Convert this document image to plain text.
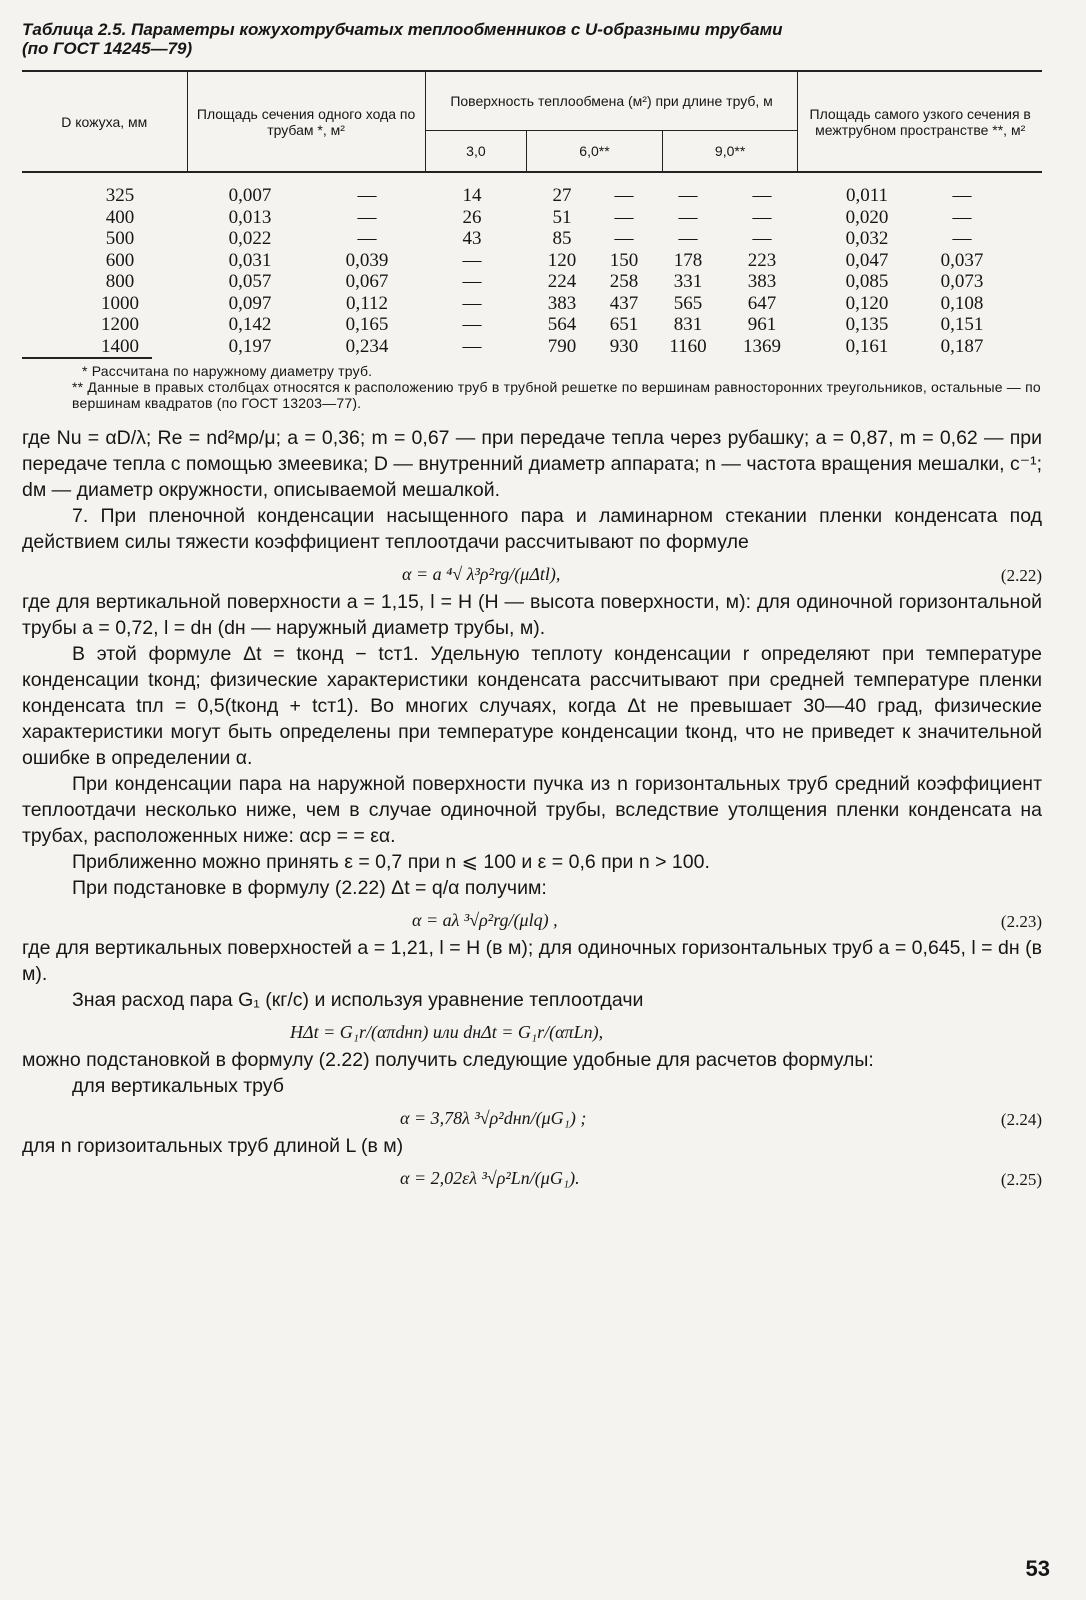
Таблица 2.5. Параметры кожухотрубчатых теплообменников с U-образными трубами
(по ГОСТ 14245—79)
D кожуха, мм	Площадь сечения одного хода по трубам *, м²	Поверхность теплообмена (м²) при длине труб, м			Площадь самого узкого сечения в межтрубном пространстве **, м²
		3,0	6,0**	9,0**	
325	0,007	—	14	27	—	—	—	0,011	—
400	0,013	—	26	51	—	—	—	0,020	—
500	0,022	—	43	85	—	—	—	0,032	—
600	0,031	0,039	—	120	150	178	223	0,047	0,037
800	0,057	0,067	—	224	258	331	383	0,085	0,073
1000	0,097	0,112	—	383	437	565	647	0,120	0,108
1200	0,142	0,165	—	564	651	831	961	0,135	0,151
1400	0,197	0,234	—	790	930	1160	1369	0,161	0,187

* Рассчитана по наружному диаметру труб.

** Данные в правых столбцах относятся к расположению труб в трубной решетке по вершинам равносторонних треугольников, остальные — по вершинам квадратов (по ГОСТ 13203—77).

где Nu = αD/λ; Re = nd²мρ/μ; a = 0,36; m = 0,67 — при передаче тепла через рубашку; a = 0,87, m = 0,62 — при передаче тепла с помощью змеевика; D — внутренний диаметр аппарата; n — частота вращения мешалки, с⁻¹; dм — диаметр окружности, описываемой мешалкой.

7. При пленочной конденсации насыщенного пара и ламинарном стекании пленки конденсата под действием силы тяжести коэффициент теплоотдачи рассчитывают по формуле

α = a ⁴√ λ³ρ²rg/(μΔtl),	(2.22)

где для вертикальной поверхности a = 1,15, l = H (H — высота поверхности, м): для одиночной горизонтальной трубы a = 0,72, l = dн (dн — наружный диаметр трубы, м).

В этой формуле Δt = tконд − tст1. Удельную теплоту конденсации r определяют при температуре конденсации tконд; физические характеристики конденсата рассчитывают при средней температуре пленки конденсата tпл = 0,5(tконд + tст1). Во многих случаях, когда Δt не превышает 30—40 град, физические характеристики могут быть определены при температуре конденсации tконд, что не приведет к значительной ошибке в определении α.

При конденсации пара на наружной поверхности пучка из n горизонтальных труб средний коэффициент теплоотдачи несколько ниже, чем в случае одиночной трубы, вследствие утолщения пленки конденсата на трубах, расположенных ниже: αср = = εα.

Приближенно можно принять ε = 0,7 при n ⩽ 100 и ε = 0,6 при n > 100.

При подстановке в формулу (2.22) Δt = q/α получим:

α = aλ ³√ρ²rg/(μlq) ,	(2.23)

где для вертикальных поверхностей a = 1,21, l = H (в м); для одиночных горизонтальных труб a = 0,645, l = dн (в м).

Зная расход пара G₁ (кг/с) и используя уравнение теплоотдачи

HΔt = G₁r/(απdнn) или dнΔt = G₁r/(απLn),

можно подстановкой в формулу (2.22) получить следующие удобные для расчетов формулы:

для вертикальных труб

α = 3,78λ ³√ρ²dнn/(μG₁) ;	(2.24)

для n горизоитальных труб длиной L (в м)

α = 2,02ελ ³√ρ²Ln/(μG₁).	(2.25)
53
